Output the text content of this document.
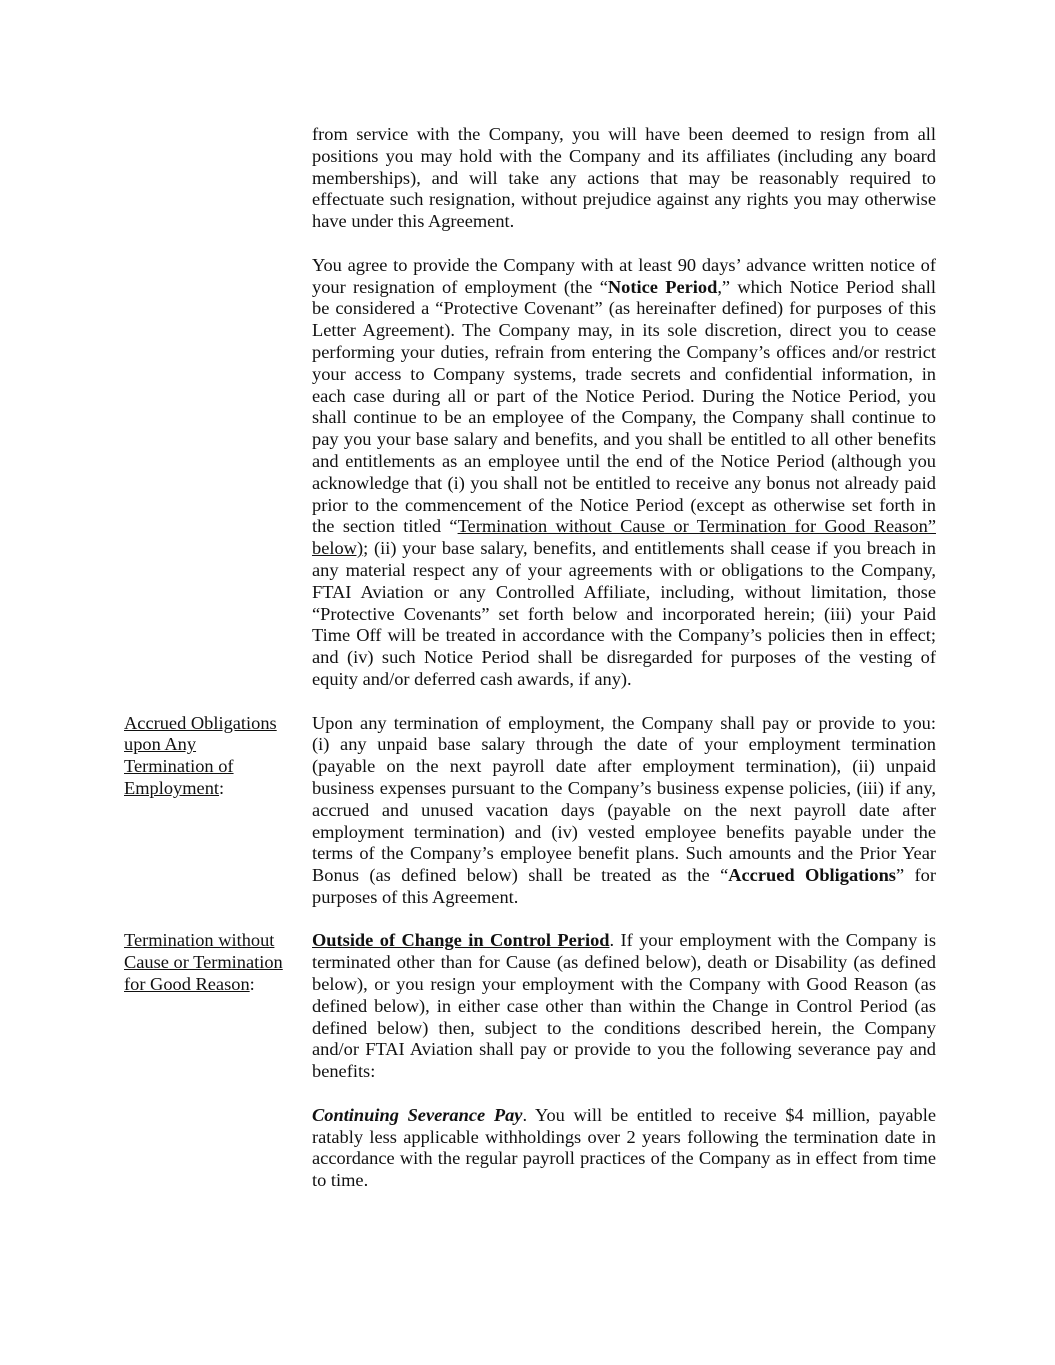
from service with the Company, you will have been deemed to resign from all
positions you may hold with the Company and its affiliates (including any board
memberships), and will take any actions that may be reasonably required to
effectuate such resignation, without prejudice against any rights you may otherwise
have under this Agreement.
You agree to provide the Company with at least 90 days’ advance written notice of
your resignation of employment (the “Notice Period,” which Notice Period shall
be considered a “Protective Covenant” (as hereinafter defined) for purposes of this
Letter Agreement). The Company may, in its sole discretion, direct you to cease
performing your duties, refrain from entering the Company’s offices and/or restrict
your access to Company systems, trade secrets and confidential information, in
each case during all or part of the Notice Period. During the Notice Period, you
shall continue to be an employee of the Company, the Company shall continue to
pay you your base salary and benefits, and you shall be entitled to all other benefits
and entitlements as an employee until the end of the Notice Period (although you
acknowledge that (i) you shall not be entitled to receive any bonus not already paid
prior to the commencement of the Notice Period (except as otherwise set forth in
the section titled “Termination without Cause or Termination for Good Reason”
below); (ii) your base salary, benefits, and entitlements shall cease if you breach in
any material respect any of your agreements with or obligations to the Company,
FTAI Aviation or any Controlled Affiliate, including, without limitation, those
“Protective Covenants” set forth below and incorporated herein; (iii) your Paid
Time Off will be treated in accordance with the Company’s policies then in effect;
and (iv) such Notice Period shall be disregarded for purposes of the vesting of
equity and/or deferred cash awards, if any).
Accrued Obligations
upon Any
Termination of
Employment:
Upon any termination of employment, the Company shall pay or provide to you:
(i) any unpaid base salary through the date of your employment termination
(payable on the next payroll date after employment termination), (ii) unpaid
business expenses pursuant to the Company’s business expense policies, (iii) if any,
accrued and unused vacation days (payable on the next payroll date after
employment termination) and (iv) vested employee benefits payable under the
terms of the Company’s employee benefit plans. Such amounts and the Prior Year
Bonus (as defined below) shall be treated as the “Accrued Obligations” for
purposes of this Agreement.
Termination without
Cause or Termination
for Good Reason:
Outside of Change in Control Period. If your employment with the Company is
terminated other than for Cause (as defined below), death or Disability (as defined
below), or you resign your employment with the Company with Good Reason (as
defined below), in either case other than within the Change in Control Period (as
defined below) then, subject to the conditions described herein, the Company
and/or FTAI Aviation shall pay or provide to you the following severance pay and
benefits:
Continuing Severance Pay. You will be entitled to receive $4 million, payable
ratably less applicable withholdings over 2 years following the termination date in
accordance with the regular payroll practices of the Company as in effect from time
to time.
